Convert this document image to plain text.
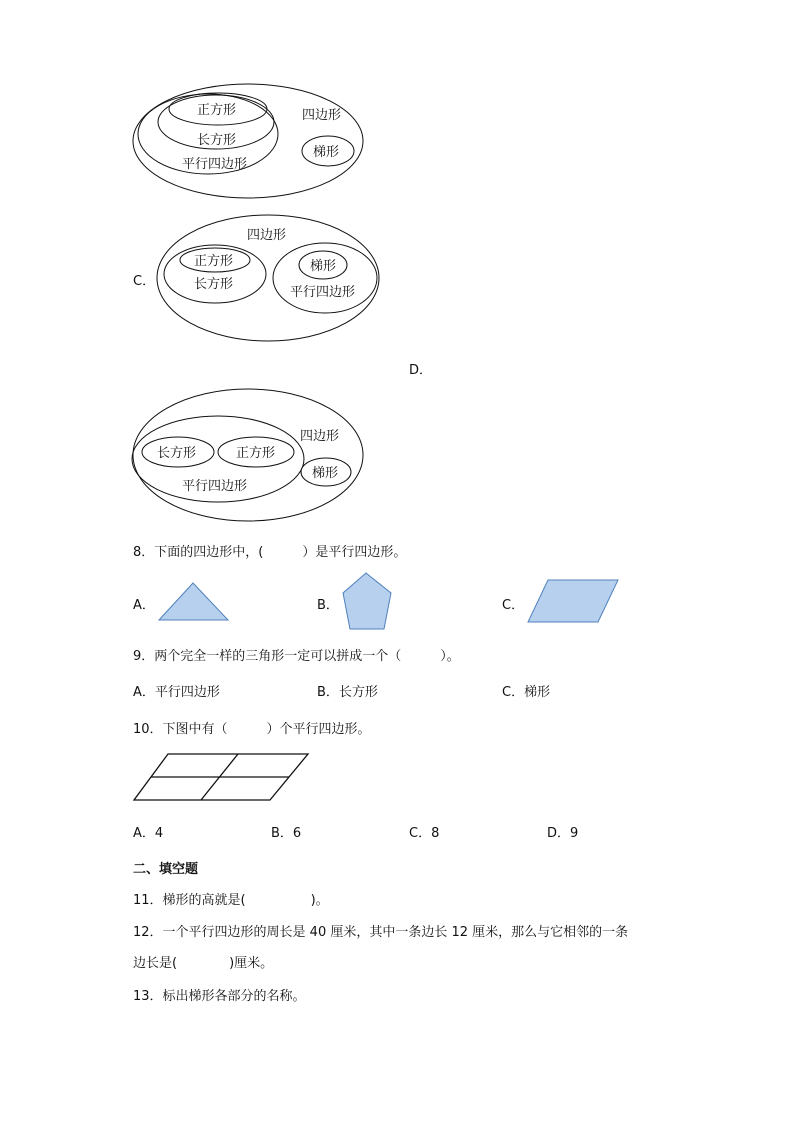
正方形
长方形
平行四边形
四边形
梯形
C．
四边形
正方形
长方形
梯形
平行四边形
D．
长方形	正方形
平行四边形
四边形
梯形
8．下面的四边形中，(　　　）是平行四边形。
A．	B．	C．
9．两个完全一样的三角形一定可以拼成一个（　　　）。
A．平行四边形	B．长方形	C．梯形
10．下图中有（　　　）个平行四边形。
A．4	B．6	C．8	D．9
二、填空题
11．梯形的高就是(　　　　　)。
12．一个平行四边形的周长是 40 厘米，其中一条边长 12 厘米，那么与它相邻的一条
边长是(　　　　)厘米。
13．标出梯形各部分的名称。
